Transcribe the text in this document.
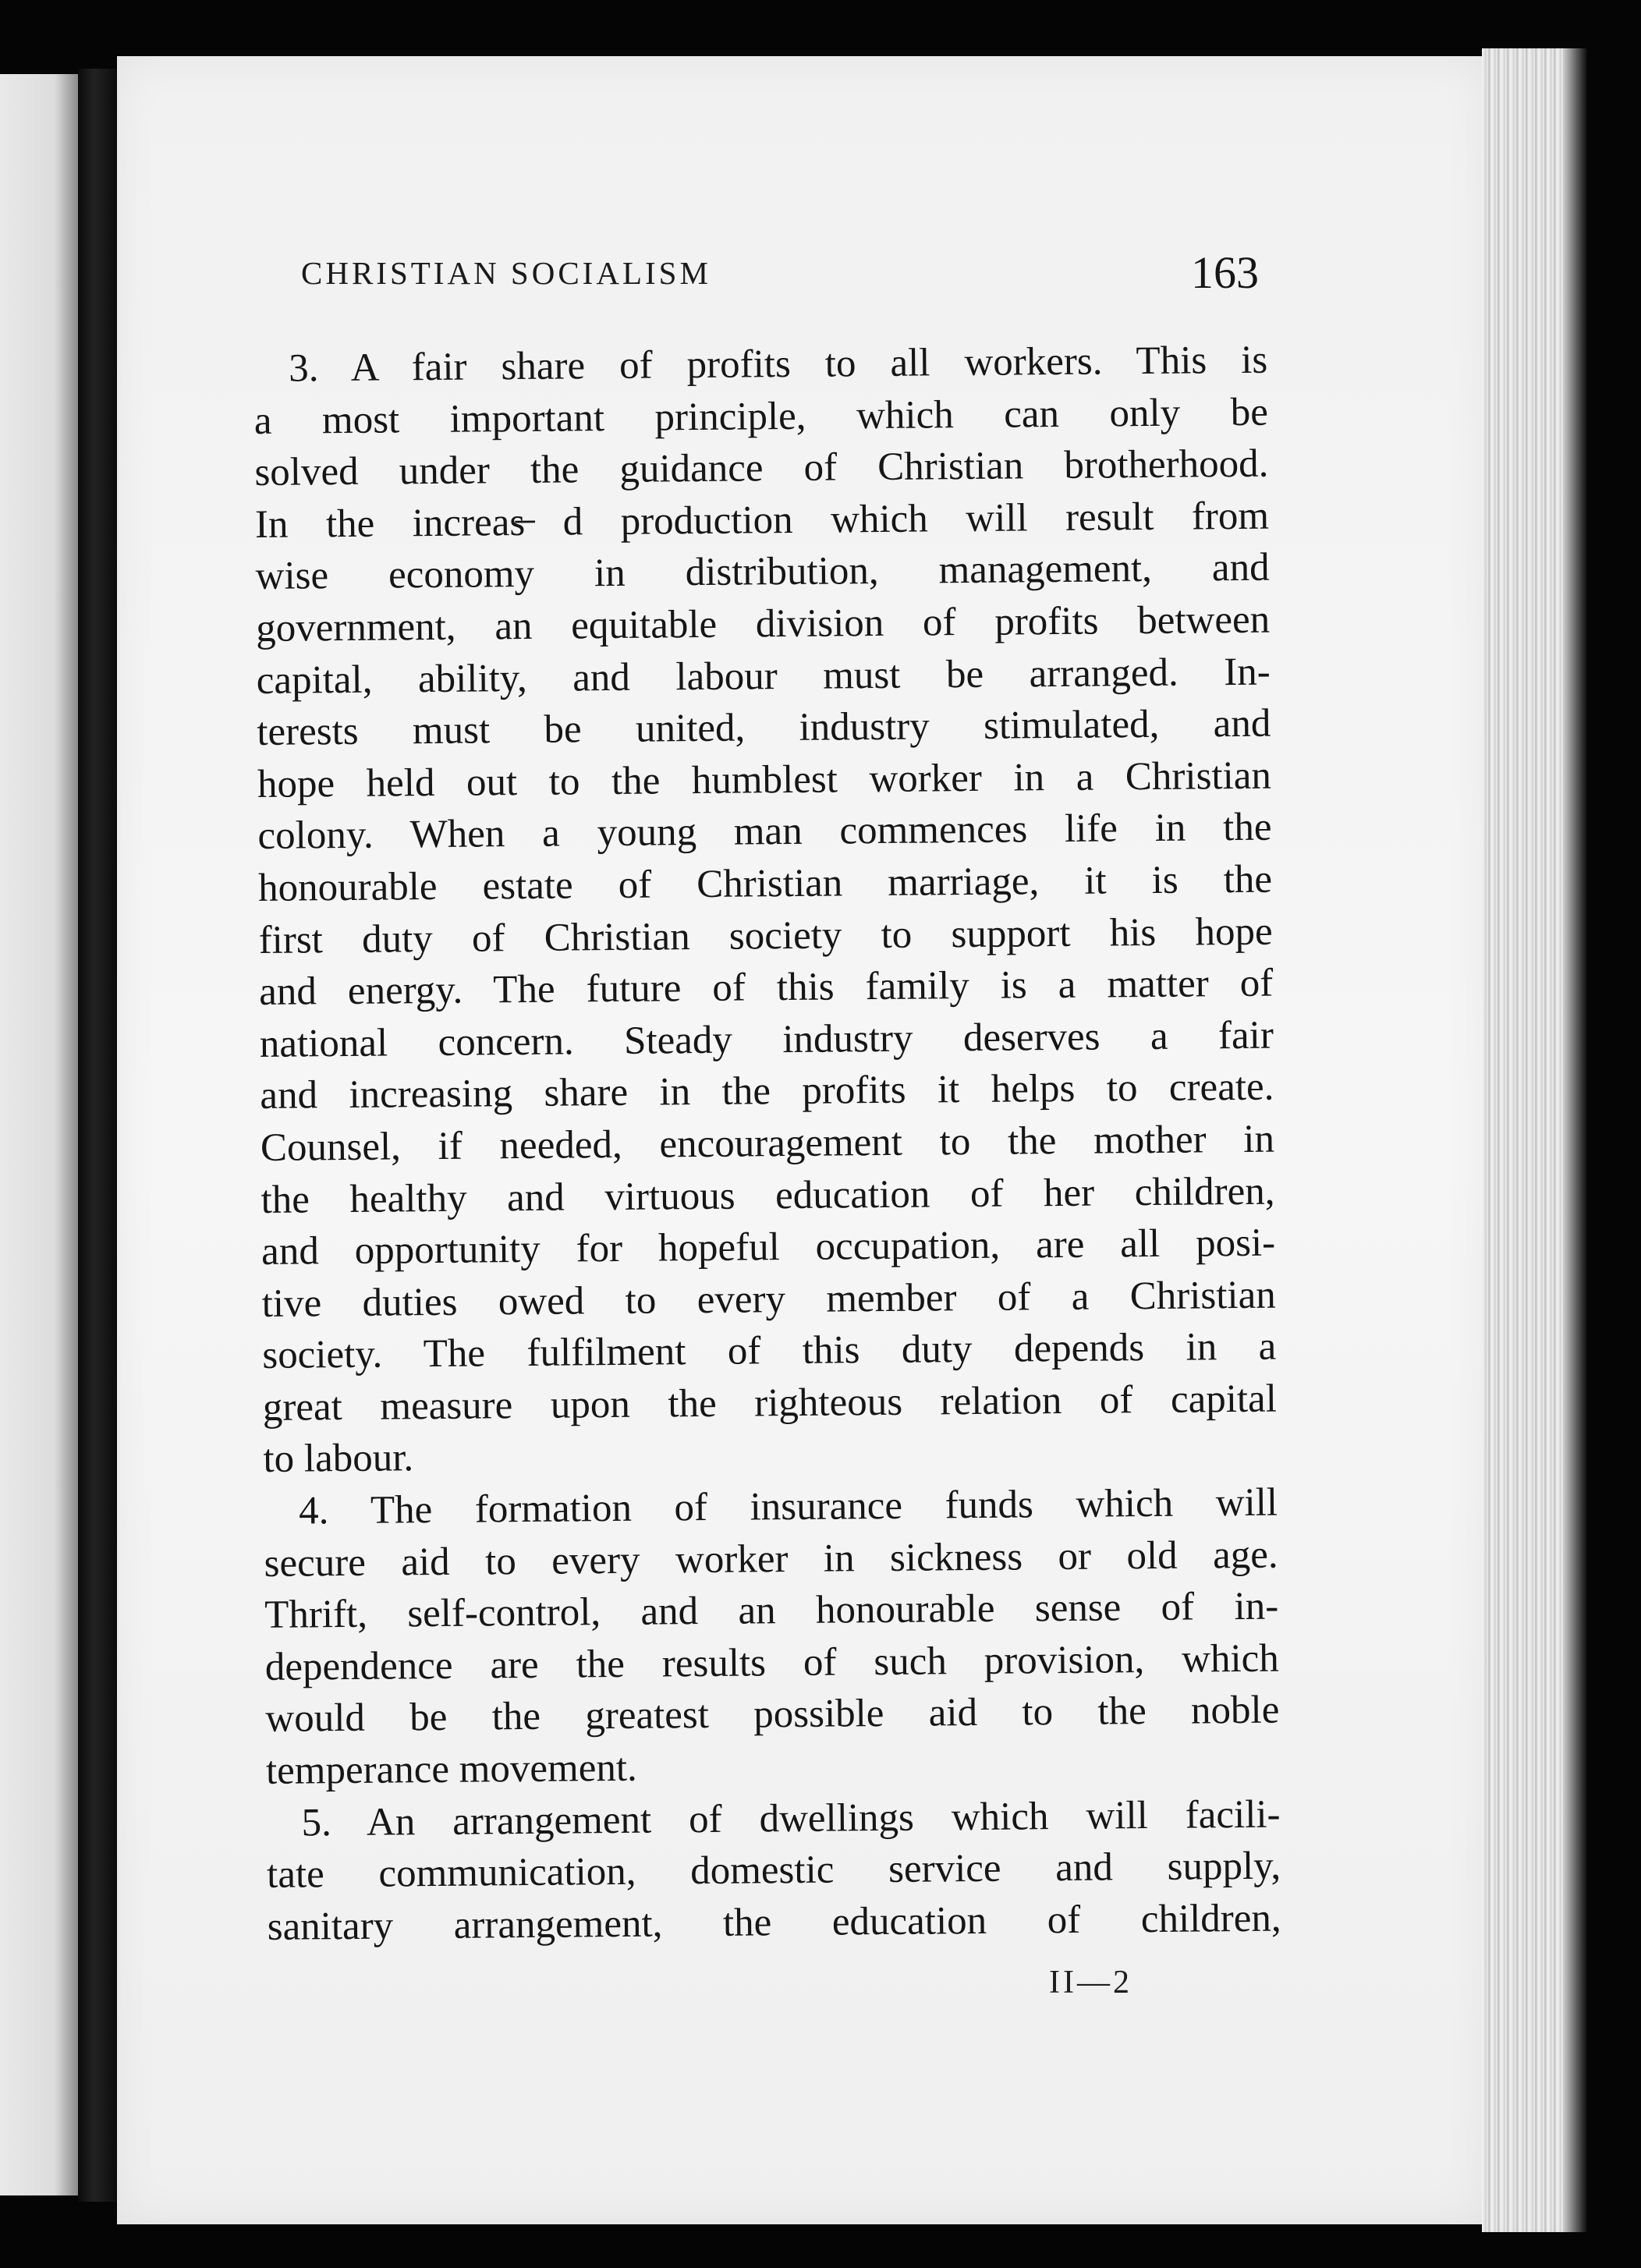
CHRISTIAN SOCIALISM	163
3. A fair share of profits to all workers. This is
a most important principle, which can only be
solved under the guidance of Christian brotherhood.
In the increas̶ d production which will result from
wise economy in distribution, management, and
government, an equitable division of profits between
capital, ability, and labour must be arranged. In-
terests must be united, industry stimulated, and
hope held out to the humblest worker in a Christian
colony. When a young man commences life in the
honourable estate of Christian marriage, it is the
first duty of Christian society to support his hope
and energy. The future of this family is a matter of
national concern. Steady industry deserves a fair
and increasing share in the profits it helps to create.
Counsel, if needed, encouragement to the mother in
the healthy and virtuous education of her children,
and opportunity for hopeful occupation, are all posi-
tive duties owed to every member of a Christian
society. The fulfilment of this duty depends in a
great measure upon the righteous relation of capital
to labour.
4. The formation of insurance funds which will
secure aid to every worker in sickness or old age.
Thrift, self-control, and an honourable sense of in-
dependence are the results of such provision, which
would be the greatest possible aid to the noble
temperance movement.
5. An arrangement of dwellings which will facili-
tate communication, domestic service and supply,
sanitary arrangement, the education of children,
II—2
